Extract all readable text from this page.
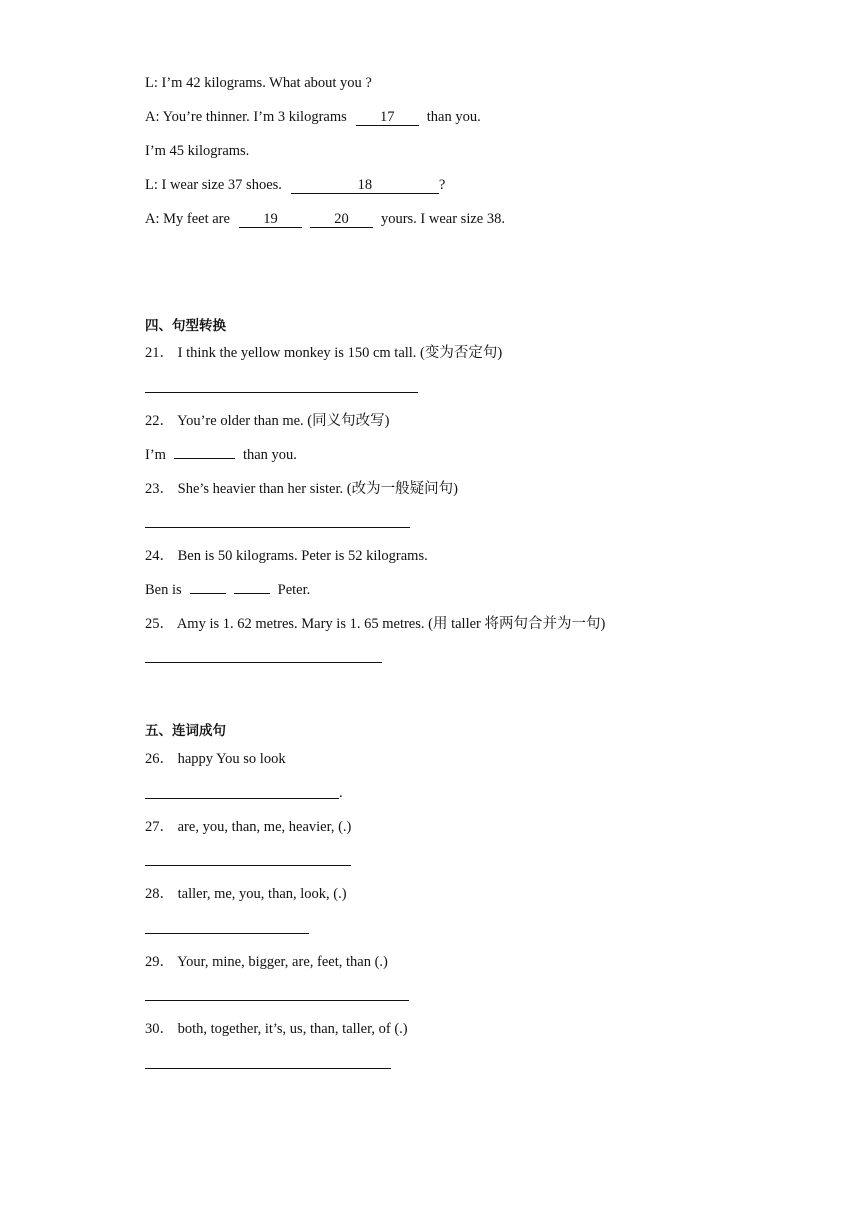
L: I’m 42 kilograms. What about you ?
A: You’re thinner. I’m 3 kilograms 17 than you.
I’m 45 kilograms.
L: I wear size 37 shoes.	18	?
A: My feet are 19	20 yours. I wear size 38.
四、句型转换
21． I think the yellow monkey is 150 cm tall. (变为否定句)
22． You’re older than me. (同义句改写)
I’m	than you.
23． She’s heavier than her sister. (改为一般疑问句)
24． Ben is 50 kilograms. Peter is 52 kilograms.
Ben is	Peter.
25． Amy is 1. 62 metres. Mary is 1. 65 metres. (用 taller 将两句合并为一句)
五、连词成句
26． happy You so look
.
27． are, you, than, me, heavier, (.)
28． taller, me, you, than, look, (.)
29． Your, mine, bigger, are, feet, than (.)
30． both, together, it’s, us, than, taller, of (.)
